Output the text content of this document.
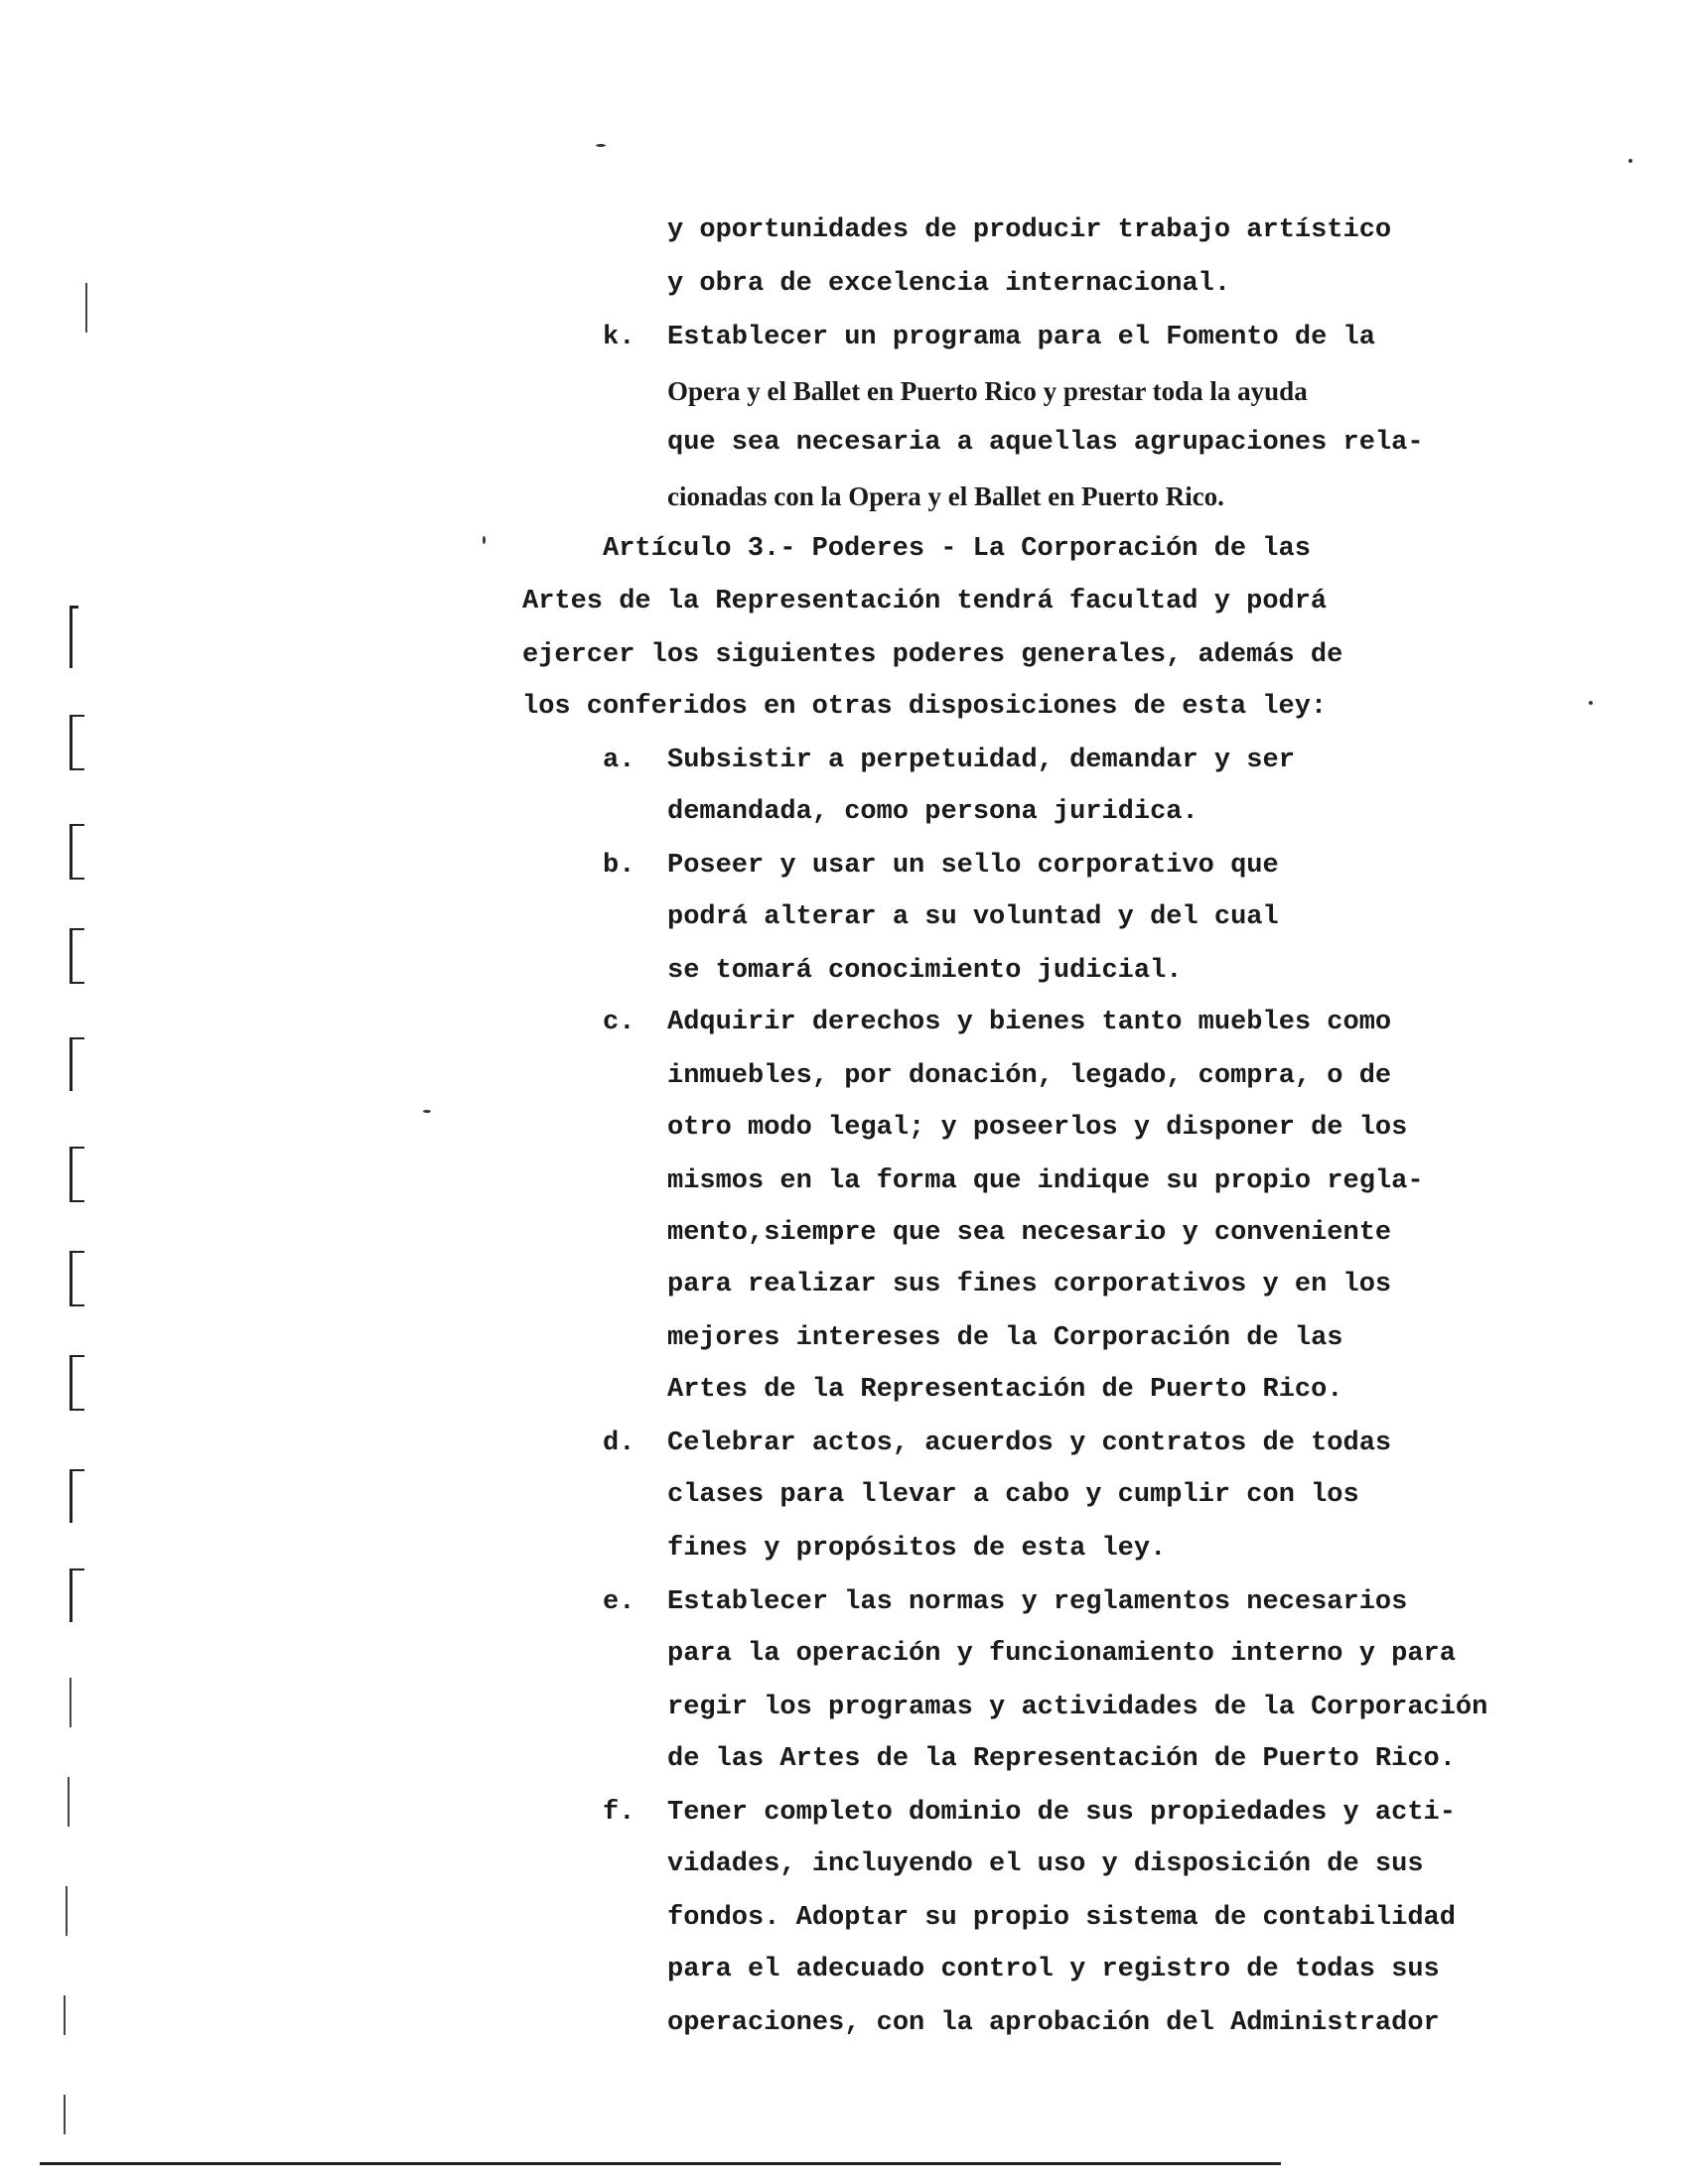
y oportunidades de producir trabajo artístico
y obra de excelencia internacional.
k. Establecer un programa para el Fomento de la
Opera y el Ballet en Puerto Rico y prestar toda la ayuda
que sea necesaria a aquellas agrupaciones rela-
cionadas con la Opera y el Ballet en Puerto Rico.
Artículo 3.- Poderes - La Corporación de las
Artes de la Representación tendrá facultad y podrá
ejercer los siguientes poderes generales, además de
los conferidos en otras disposiciones de esta ley:
a. Subsistir a perpetuidad, demandar y ser
demandada, como persona juridica.
b. Poseer y usar un sello corporativo que
podrá alterar a su voluntad y del cual
se tomará conocimiento judicial.
c. Adquirir derechos y bienes tanto muebles como
inmuebles, por donación, legado, compra, o de
otro modo legal; y poseerlos y disponer de los
mismos en la forma que indique su propio regla-
mento,siempre que sea necesario y conveniente
para realizar sus fines corporativos y en los
mejores intereses de la Corporación de las
Artes de la Representación de Puerto Rico.
d. Celebrar actos, acuerdos y contratos de todas
clases para llevar a cabo y cumplir con los
fines y propósitos de esta ley.
e. Establecer las normas y reglamentos necesarios
para la operación y funcionamiento interno y para
regir los programas y actividades de la Corporación
de las Artes de la Representación de Puerto Rico.
f. Tener completo dominio de sus propiedades y acti-
vidades, incluyendo el uso y disposición de sus
fondos. Adoptar su propio sistema de contabilidad
para el adecuado control y registro de todas sus
operaciones, con la aprobación del Administrador
